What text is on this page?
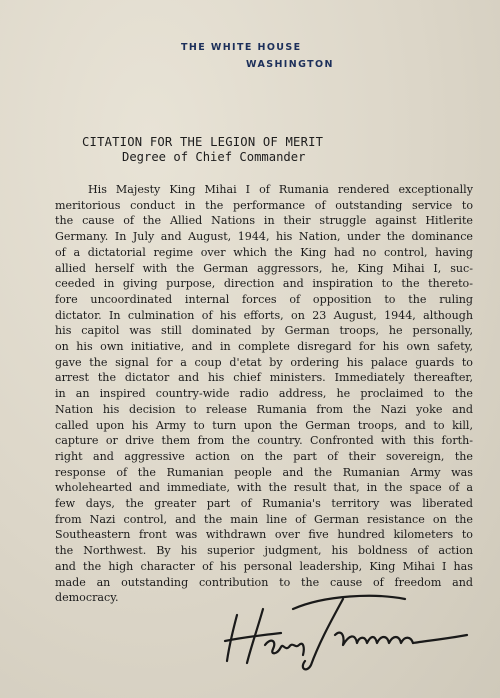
THE WHITE HOUSE
WASHINGTON
CITATION FOR THE LEGION OF MERIT
Degree of Chief Commander
His Majesty King Mihai I of Rumania rendered exceptionally
meritorious conduct in the performance of outstanding service to
the cause of the Allied Nations in their struggle against Hitlerite
Germany. In July and August, 1944, his Nation, under the dominance
of a dictatorial regime over which the King had no control, having
allied herself with the German aggressors, he, King Mihai I, suc-
ceeded in giving purpose, direction and inspiration to the thereto-
fore uncoordinated internal forces of opposition to the ruling
dictator. In culmination of his efforts, on 23 August, 1944, although
his capitol was still dominated by German troops, he personally,
on his own initiative, and in complete disregard for his own safety,
gave the signal for a coup d'etat by ordering his palace guards to
arrest the dictator and his chief ministers. Immediately thereafter,
in an inspired country-wide radio address, he proclaimed to the
Nation his decision to release Rumania from the Nazi yoke and
called upon his Army to turn upon the German troops, and to kill,
capture or drive them from the country. Confronted with this forth-
right and aggressive action on the part of their sovereign, the
response of the Rumanian people and the Rumanian Army was
wholehearted and immediate, with the result that, in the space of a
few days, the greater part of Rumania's territory was liberated
from Nazi control, and the main line of German resistance on the
Southeastern front was withdrawn over five hundred kilometers to
the Northwest. By his superior judgment, his boldness of action
and the high character of his personal leadership, King Mihai I has
made an outstanding contribution to the cause of freedom and
democracy.
